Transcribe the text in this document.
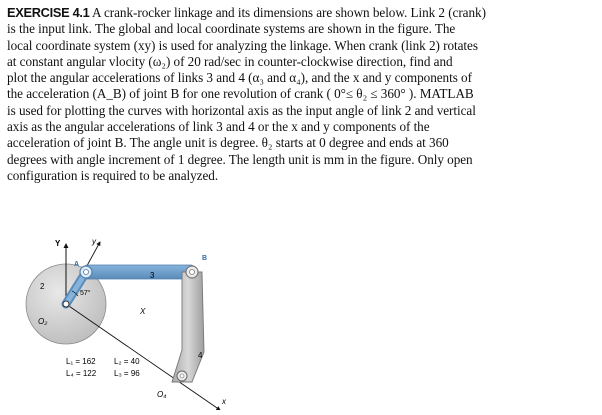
EXERCISE 4.1 A crank-rocker linkage and its dimensions are shown below. Link 2 (crank)
is the input link. The global and local coordinate systems are shown in the figure. The
local coordinate system (xy) is used for analyzing the linkage. When crank (link 2) rotates
at constant angular vlocity (ω₂) of 20 rad/sec in counter-clockwise direction, find and
plot the angular accelerations of links 3 and 4 (α₃ and α₄), and the x and y components of
the acceleration (A_B) of joint B for one revolution of crank ( 0°≤ θ₂ ≤ 360° ). MATLAB
is used for plotting the curves with horizontal axis as the input angle of link 2 and vertical
axis as the angular accelerations of link 3 and 4 or the x and y components of the
acceleration of joint B. The angle unit is degree. θ₂ starts at 0 degree and ends at 360
degrees with angle increment of 1 degree. The length unit is mm in the figure. Only open
configuration is required to be analyzed.
Y	y
A
B
2
3
4
57°
O₂
O₄
X
x
L₁ = 162 L₂ = 40
L₄ = 122 L₃ = 96
